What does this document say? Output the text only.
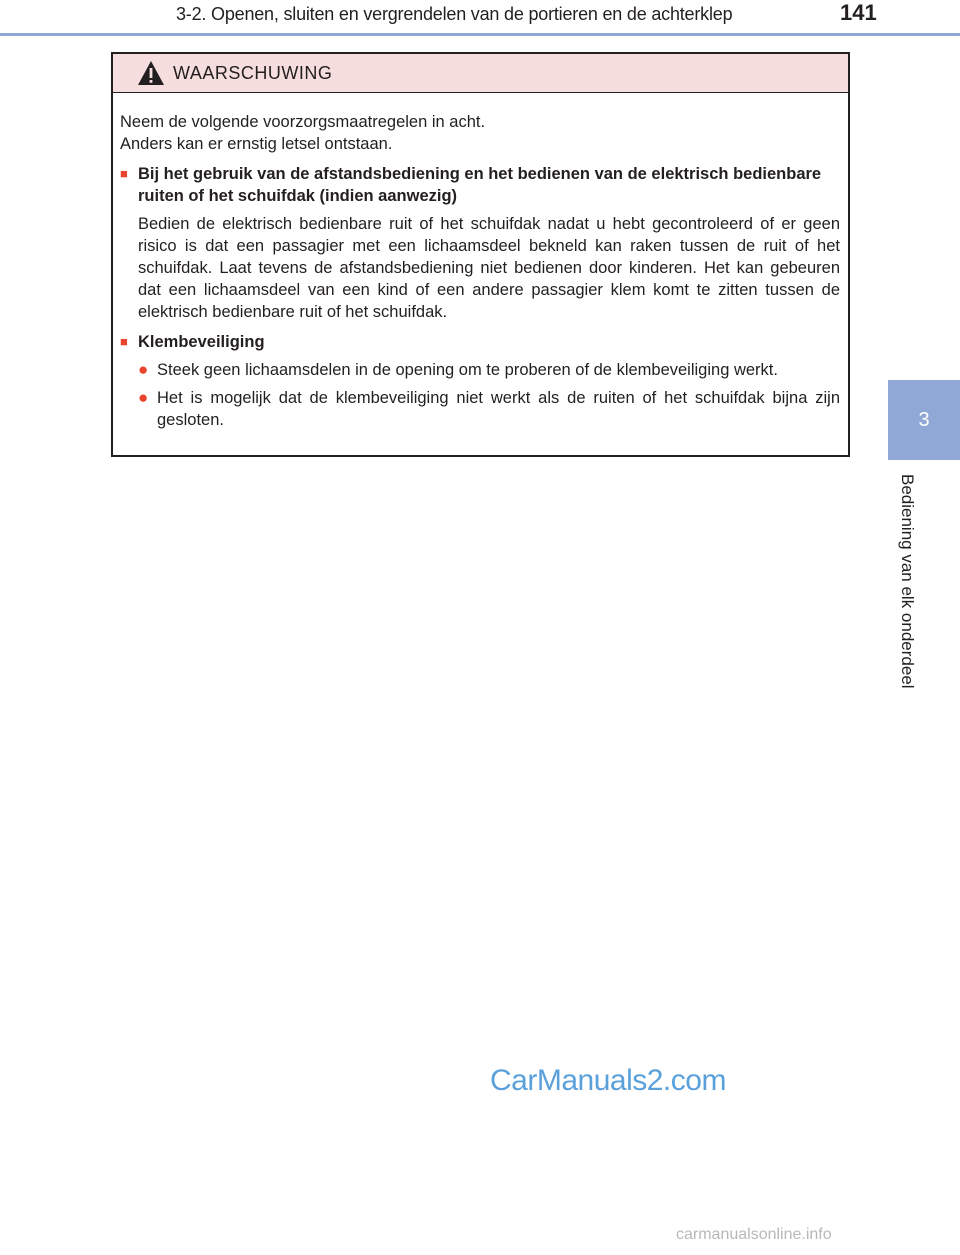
3-2. Openen, sluiten en vergrendelen van de portieren en de achterklep	141
3
Bediening van elk onderdeel
WAARSCHUWING

Neem de volgende voorzorgsmaatregelen in acht.

Anders kan er ernstig letsel ontstaan.

■ Bij het gebruik van de afstandsbediening en het bedienen van de elektrisch bedienbare ruiten of het schuifdak (indien aanwezig)

Bedien de elektrisch bedienbare ruit of het schuifdak nadat u hebt gecontroleerd of er geen risico is dat een passagier met een lichaamsdeel bekneld kan raken tussen de ruit of het schuifdak. Laat tevens de afstandsbediening niet bedienen door kinderen. Het kan gebeuren dat een lichaamsdeel van een kind of een andere passagier klem komt te zitten tussen de elektrisch bedienbare ruit of het schuifdak.

■ Klembeveiliging
● Steek geen lichaamsdelen in de opening om te proberen of de klembeveiliging werkt.
● Het is mogelijk dat de klembeveiliging niet werkt als de ruiten of het schuifdak bijna zijn gesloten.
CarManuals2.com
carmanualsonline.info
